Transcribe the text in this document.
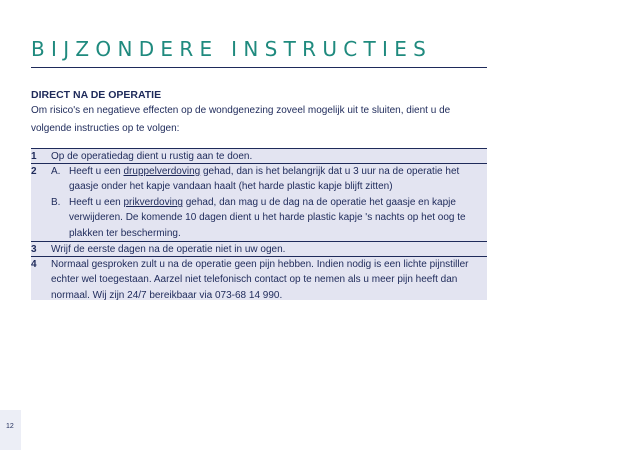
BIJZONDERE INSTRUCTIES
DIRECT NA DE OPERATIE
Om risico's en negatieve effecten op de wondgenezing zoveel mogelijk uit te sluiten, dient u de volgende instructies op te volgen:
1	Op de operatiedag dient u rustig aan te doen.
2	A. Heeft u een druppelverdoving gehad, dan is het belangrijk dat u 3 uur na de operatie het gaasje onder het kapje vandaan haalt (het harde plastic kapje blijft zitten)
B. Heeft u een prikverdoving gehad, dan mag u de dag na de operatie het gaasje en kapje verwijderen. De komende 10 dagen dient u het harde plastic kapje 's nachts op het oog te plakken ter bescherming.
3	Wrijf de eerste dagen na de operatie niet in uw ogen.
4	Normaal gesproken zult u na de operatie geen pijn hebben. Indien nodig is een lichte pijnstiller echter wel toegestaan. Aarzel niet telefonisch contact op te nemen als u meer pijn heeft dan normaal. Wij zijn 24/7 bereikbaar via 073-68 14 990.
12
